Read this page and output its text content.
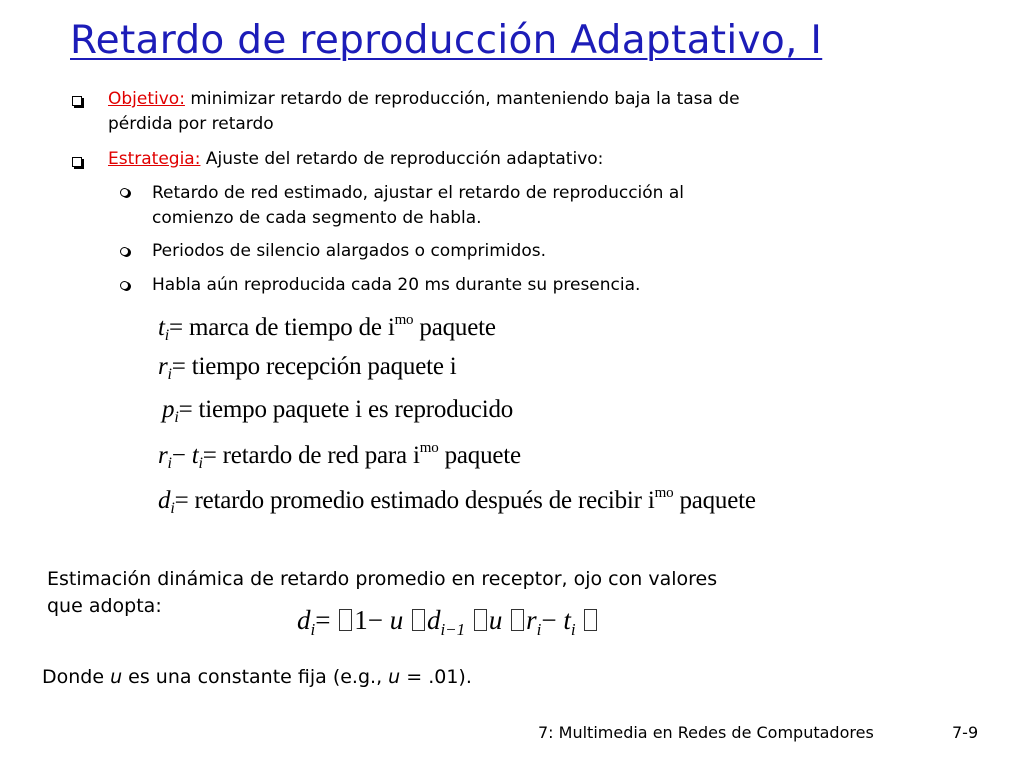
Retardo de reproducción Adaptativo, I
Objetivo: minimizar retardo de reproducción, manteniendo baja la tasa de
pérdida por retardo
Estrategia: Ajuste del retardo de reproducción adaptativo:
Retardo de red estimado, ajustar el retardo de reproducción al
comienzo de cada segmento de habla.
Periodos de silencio alargados o comprimidos.
Habla aún reproducida cada 20 ms durante su presencia.
$t_i=$ marca de tiempo de $i^{mo}$ paquete
$r_i=$ tiempo recepción paquete i
$p_i=$ tiempo paquete i es reproducido
$r_i- t_i=$ retardo de red para $i^{mo}$ paquete
$d_i=$ retardo promedio estimado después de recibir $i^{mo}$ paquete
Estimación dinámica de retardo promedio en receptor, ojo con valores
que adopta:	$d_i= 1- u$ $d_{i-1}$ u $r_i- t_i$
Donde u es una constante fija (e.g., u = .01).
7: Multimedia en Redes de Computadores	7-9
